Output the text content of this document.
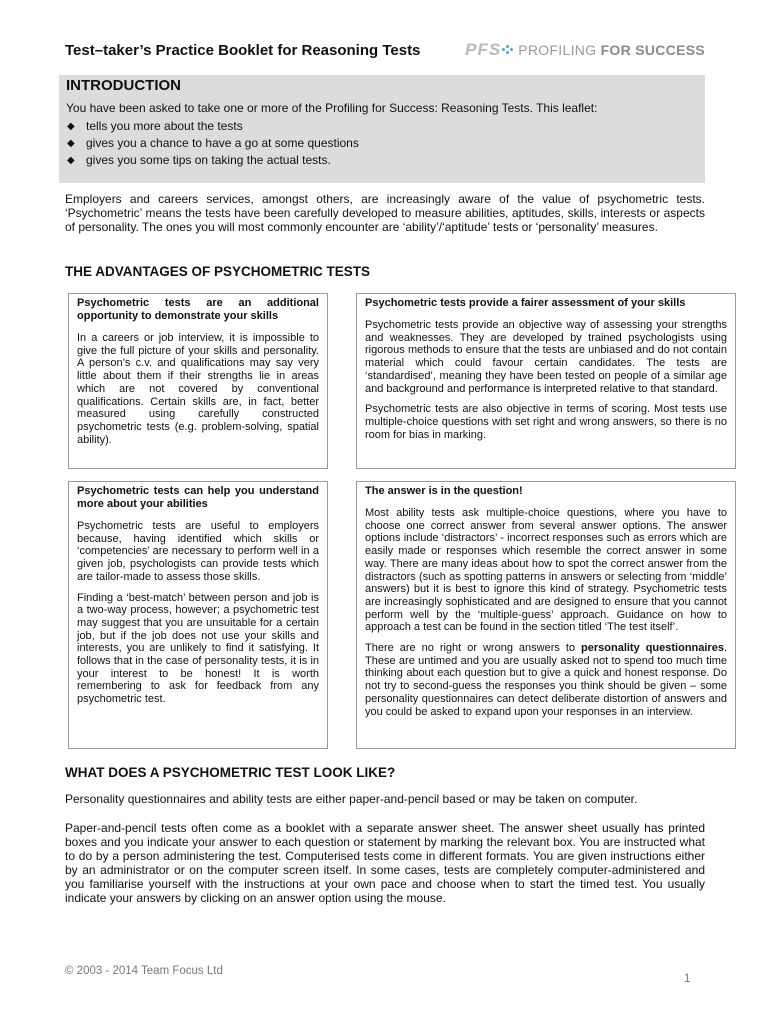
Test–taker’s Practice Booklet for Reasoning Tests	PFS PROFILING FOR SUCCESS
INTRODUCTION

You have been asked to take one or more of the Profiling for Success: Reasoning Tests. This leaflet:

◆ tells you more about the tests
◆ gives you a chance to have a go at some questions
◆ gives you some tips on taking the actual tests.

Employers and careers services, amongst others, are increasingly aware of the value of psychometric tests. ‘Psychometric’ means the tests have been carefully developed to measure abilities, aptitudes, skills, interests or aspects of personality. The ones you will most commonly encounter are ‘ability’/‘aptitude’ tests or ‘personality’ measures.

THE ADVANTAGES OF PSYCHOMETRIC TESTS
Psychometric tests are an additional opportunity to demonstrate your skills

In a careers or job interview, it is impossible to give the full picture of your skills and personality. A person’s c.v. and qualifications may say very little about them if their strengths lie in areas which are not covered by conventional qualifications. Certain skills are, in fact, better measured using carefully constructed psychometric tests (e.g. problem-solving, spatial ability).

Psychometric tests provide a fairer assessment of your skills

Psychometric tests provide an objective way of assessing your strengths and weaknesses. They are developed by trained psychologists using rigorous methods to ensure that the tests are unbiased and do not contain material which could favour certain candidates. The tests are ‘standardised’, meaning they have been tested on people of a similar age and background and performance is interpreted relative to that standard.

Psychometric tests are also objective in terms of scoring. Most tests use multiple-choice questions with set right and wrong answers, so there is no room for bias in marking.

Psychometric tests can help you understand more about your abilities

Psychometric tests are useful to employers because, having identified which skills or ‘competencies’ are necessary to perform well in a given job, psychologists can provide tests which are tailor-made to assess those skills.

Finding a ‘best-match’ between person and job is a two-way process, however; a psychometric test may suggest that you are unsuitable for a certain job, but if the job does not use your skills and interests, you are unlikely to find it satisfying. It follows that in the case of personality tests, it is in your interest to be honest! It is worth remembering to ask for feedback from any psychometric test.

The answer is in the question!

Most ability tests ask multiple-choice questions, where you have to choose one correct answer from several answer options. The answer options include ‘distractors’ - incorrect responses such as errors which are easily made or responses which resemble the correct answer in some way. There are many ideas about how to spot the correct answer from the distractors (such as spotting patterns in answers or selecting from ‘middle’ answers) but it is best to ignore this kind of strategy. Psychometric tests are increasingly sophisticated and are designed to ensure that you cannot perform well by the ‘multiple-guess’ approach. Guidance on how to approach a test can be found in the section titled ‘The test itself’.

There are no right or wrong answers to personality questionnaires. These are untimed and you are usually asked not to spend too much time thinking about each question but to give a quick and honest response. Do not try to second-guess the responses you think should be given – some personality questionnaires can detect deliberate distortion of answers and you could be asked to expand upon your responses in an interview.

WHAT DOES A PSYCHOMETRIC TEST LOOK LIKE?

Personality questionnaires and ability tests are either paper-and-pencil based or may be taken on computer.

Paper-and-pencil tests often come as a booklet with a separate answer sheet. The answer sheet usually has printed boxes and you indicate your answer to each question or statement by marking the relevant box. You are instructed what to do by a person administering the test. Computerised tests come in different formats. You are given instructions either by an administrator or on the computer screen itself. In some cases, tests are completely computer-administered and you familiarise yourself with the instructions at your own pace and choose when to start the timed test. You usually indicate your answers by clicking on an answer option using the mouse.

© 2003 - 2014 Team Focus Ltd
1
